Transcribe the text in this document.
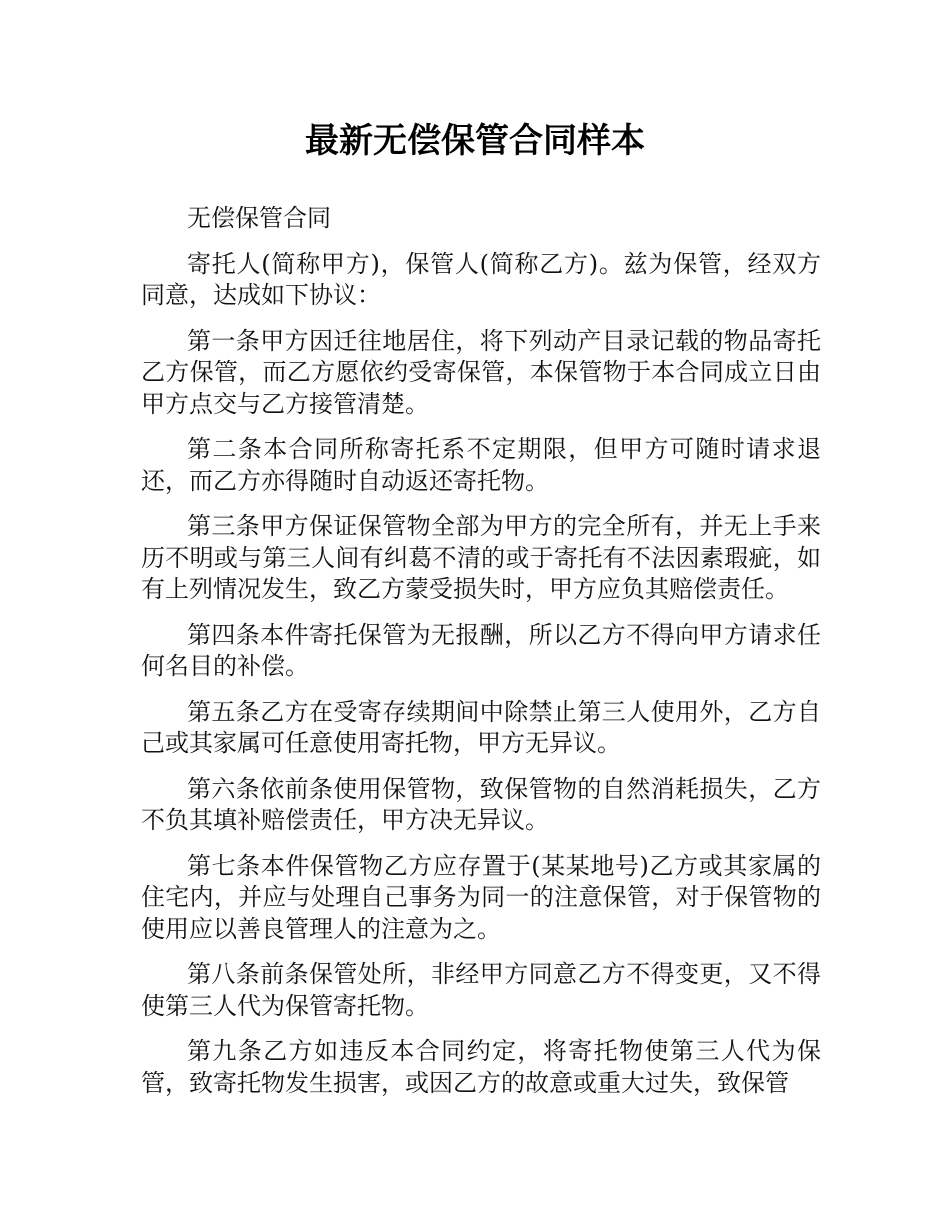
最新无偿保管合同样本

无偿保管合同

寄托人(简称甲方)，保管人(简称乙方)。兹为保管，经双方同意，达成如下协议：

第一条甲方因迁往地居住，将下列动产目录记载的物品寄托乙方保管，而乙方愿依约受寄保管，本保管物于本合同成立日由甲方点交与乙方接管清楚。

第二条本合同所称寄托系不定期限，但甲方可随时请求退还，而乙方亦得随时自动返还寄托物。

第三条甲方保证保管物全部为甲方的完全所有，并无上手来历不明或与第三人间有纠葛不清的或于寄托有不法因素瑕疵，如有上列情况发生，致乙方蒙受损失时，甲方应负其赔偿责任。

第四条本件寄托保管为无报酬，所以乙方不得向甲方请求任何名目的补偿。

第五条乙方在受寄存续期间中除禁止第三人使用外，乙方自己或其家属可任意使用寄托物，甲方无异议。

第六条依前条使用保管物，致保管物的自然消耗损失，乙方不负其填补赔偿责任，甲方决无异议。

第七条本件保管物乙方应存置于(某某地号)乙方或其家属的住宅内，并应与处理自己事务为同一的注意保管，对于保管物的使用应以善良管理人的注意为之。

第八条前条保管处所，非经甲方同意乙方不得变更，又不得使第三人代为保管寄托物。

第九条乙方如违反本合同约定，将寄托物使第三人代为保管，致寄托物发生损害，或因乙方的故意或重大过失，致保管
